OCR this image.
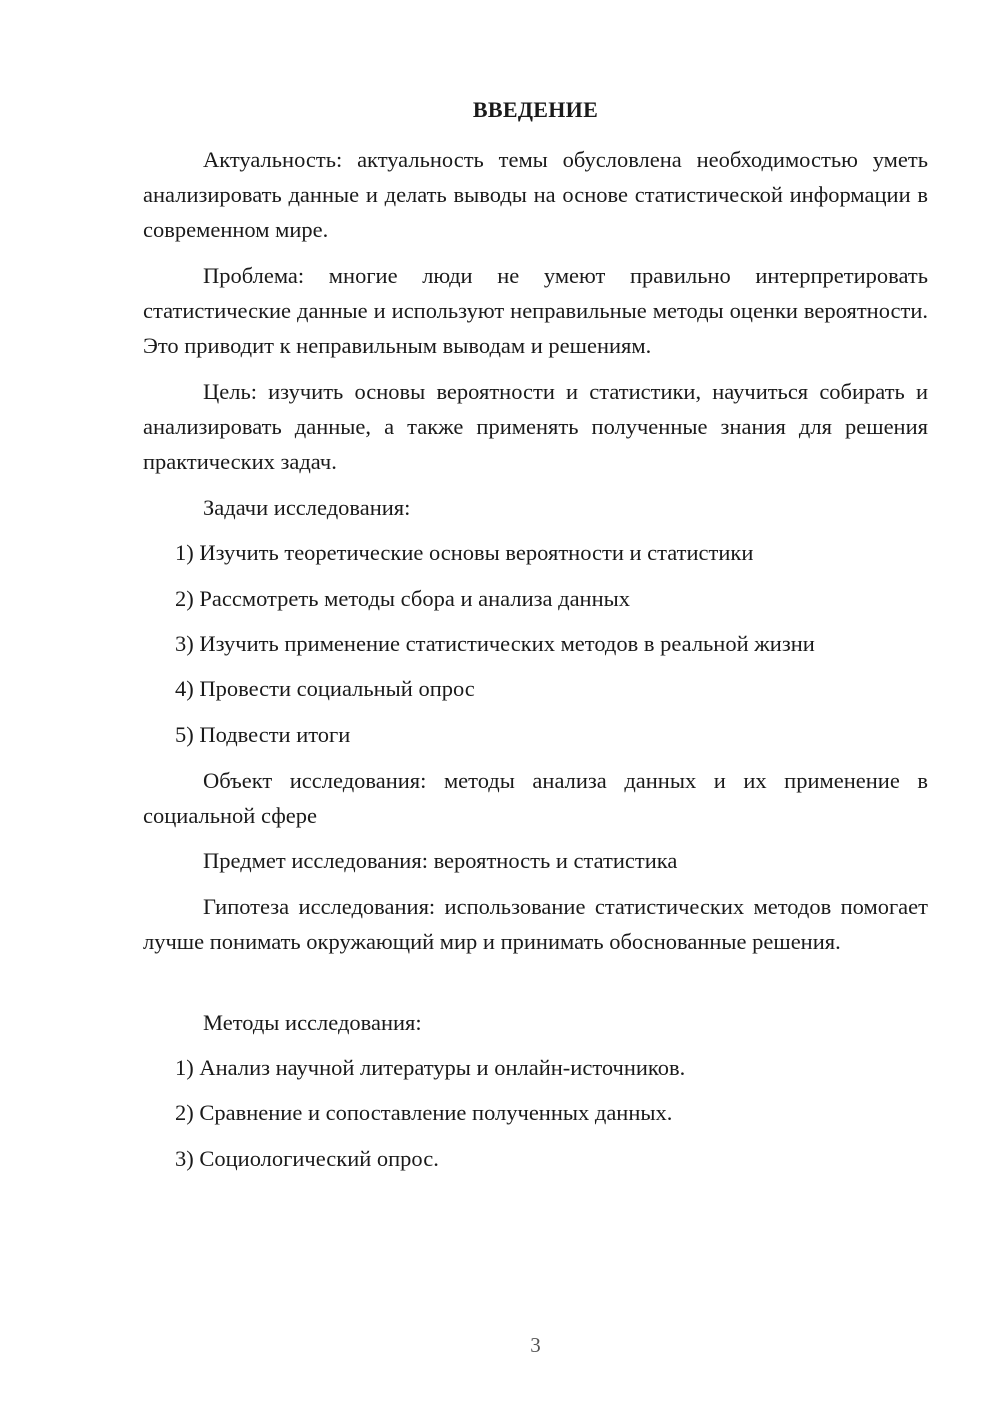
ВВЕДЕНИЕ

Актуальность: актуальность темы обусловлена необходимостью уметь анализировать данные и делать выводы на основе статистической информации в современном мире.

Проблема: многие люди не умеют правильно интерпретировать статистические данные и используют неправильные методы оценки вероятности. Это приводит к неправильным выводам и решениям.

Цель: изучить основы вероятности и статистики, научиться собирать и анализировать данные, а также применять полученные знания для решения практических задач.

Задачи исследования:

1) Изучить теоретические основы вероятности и статистики

2) Рассмотреть методы сбора и анализа данных

3) Изучить применение статистических методов в реальной жизни

4) Провести социальный опрос

5) Подвести итоги

Объект исследования: методы анализа данных и их применение в социальной сфере

Предмет исследования: вероятность и статистика

Гипотеза исследования: использование статистических методов помогает лучше понимать окружающий мир и принимать обоснованные решения.

Методы исследования:

1) Анализ научной литературы и онлайн-источников.

2) Сравнение и сопоставление полученных данных.

3) Социологический опрос.

3
